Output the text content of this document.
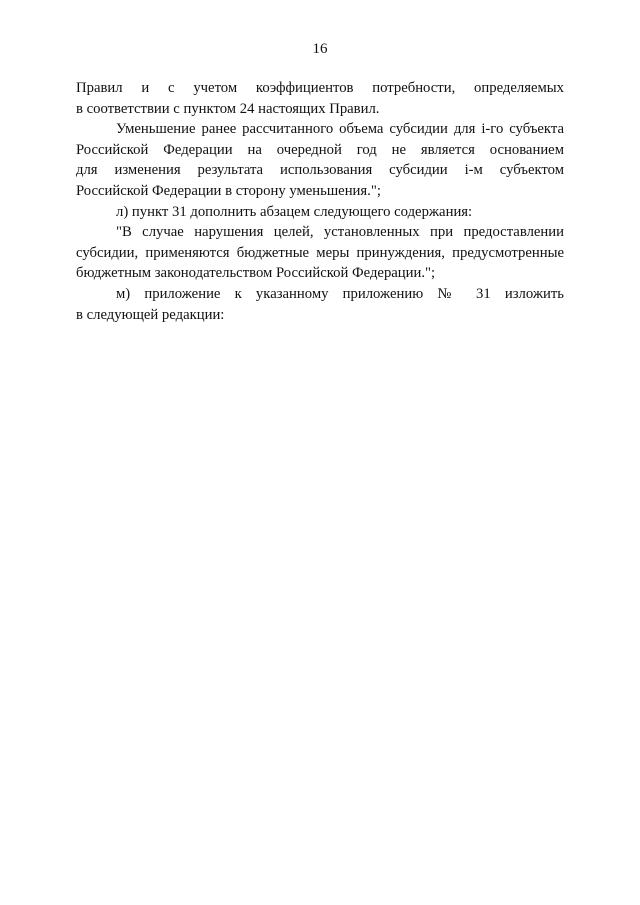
16

Правил и с учетом коэффициентов потребности, определяемых
в соответствии с пунктом 24 настоящих Правил.

Уменьшение ранее рассчитанного объема субсидии для i-го субъекта
Российской Федерации на очередной год не является основанием
для изменения результата использования субсидии i-м субъектом
Российской Федерации в сторону уменьшения.";

л) пункт 31 дополнить абзацем следующего содержания:

"В случае нарушения целей, установленных при предоставлении
субсидии, применяются бюджетные меры принуждения, предусмотренные
бюджетным законодательством Российской Федерации.";

м) приложение к указанному приложению № 31 изложить
в следующей редакции:
